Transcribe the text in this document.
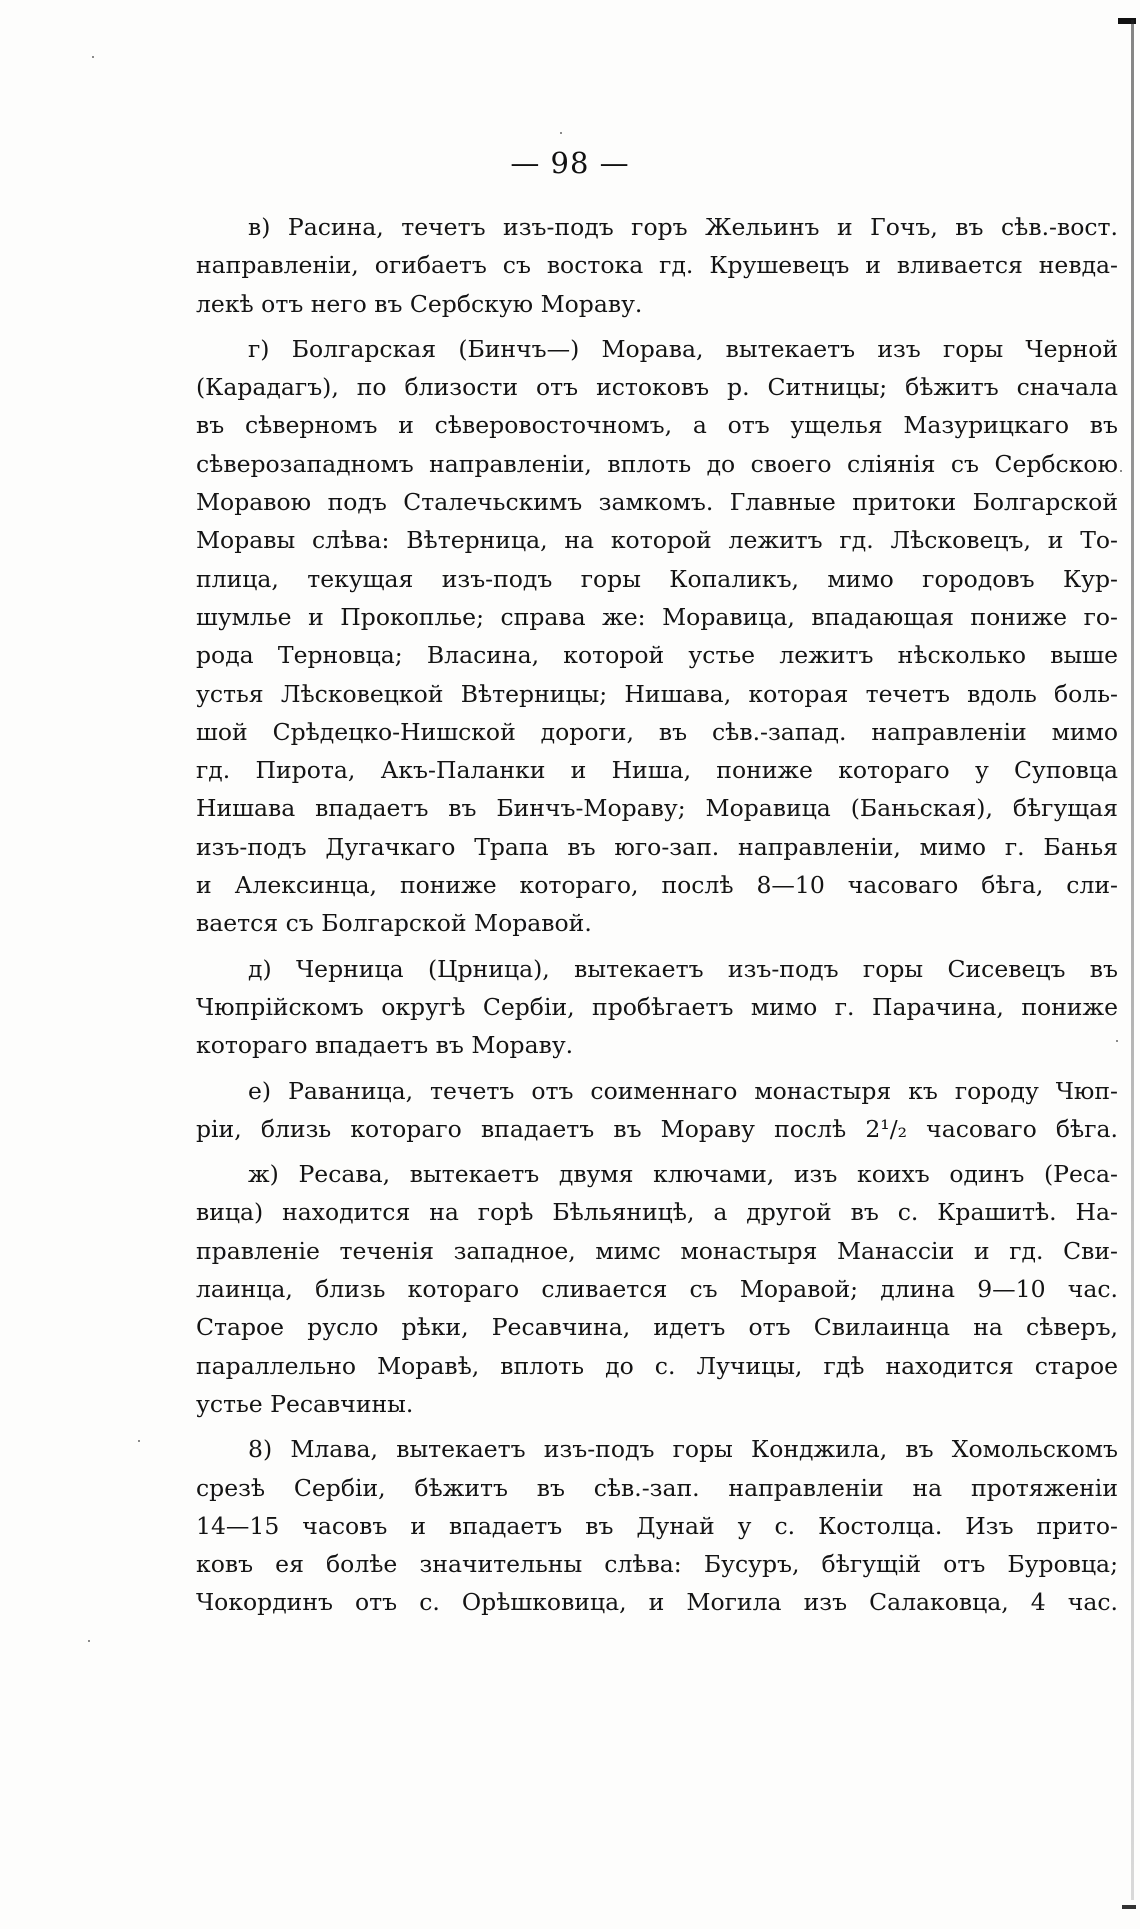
— 98 —
в) Расина, течетъ изъ-подъ горъ Жельинъ и Гочъ, въ сѣв.-вост.
направленіи, огибаетъ съ востока гд. Крушевецъ и вливается невда-
лекѣ отъ него въ Сербскую Мораву.
г) Болгарская (Бинчъ—) Морава, вытекаетъ изъ горы Черной
(Карадагъ), по близости отъ истоковъ р. Ситницы; бѣжитъ сначала
въ сѣверномъ и сѣверовосточномъ, а отъ ущелья Мазурицкаго въ
сѣверозападномъ направленіи, вплоть до своего сліянія съ Сербскою
Моравою подъ Сталечьскимъ замкомъ. Главные притоки Болгарской
Моравы слѣва: Вѣтерница, на которой лежитъ гд. Лѣсковецъ, и То-
плица, текущая изъ-подъ горы Копаликъ, мимо городовъ Кур-
шумлье и Прокоплье; справа же: Моравица, впадающая пониже го-
рода Терновца; Власина, которой устье лежитъ нѣсколько выше
устья Лѣсковецкой Вѣтерницы; Нишава, которая течетъ вдоль боль-
шой Срѣдецко-Нишской дороги, въ сѣв.-запад. направленіи мимо
гд. Пирота, Акъ-Паланки и Ниша, пониже котораго у Суповца
Нишава впадаетъ въ Бинчъ-Мораву; Моравица (Баньская), бѣгущая
изъ-подъ Дугачкаго Трапа въ юго-зап. направленіи, мимо г. Банья
и Алексинца, пониже котораго, послѣ 8—10 часоваго бѣга, сли-
вается съ Болгарской Моравой.
д) Черница (Црница), вытекаетъ изъ-подъ горы Сисевецъ въ
Чюпрійскомъ округѣ Сербіи, пробѣгаетъ мимо г. Парачина, пониже
котораго впадаетъ въ Мораву.
е) Раваница, течетъ отъ соименнаго монастыря къ городу Чюп-
ріи, близь котораго впадаетъ въ Мораву послѣ 2¹/₂ часоваго бѣга.
ж) Ресава, вытекаетъ двумя ключами, изъ коихъ одинъ (Реса-
вица) находится на горѣ Бѣльяницѣ, а другой въ с. Крашитѣ. На-
правленіе теченія западное, мимс монастыря Манассіи и гд. Сви-
лаинца, близь котораго сливается съ Моравой; длина 9—10 час.
Старое русло рѣки, Ресавчина, идетъ отъ Свилаинца на сѣверъ,
параллельно Моравѣ, вплоть до с. Лучицы, гдѣ находится старое
устье Ресавчины.
8) Млава, вытекаетъ изъ-подъ горы Конджила, въ Хомольскомъ
срезѣ Сербіи, бѣжитъ въ сѣв.-зап. направленіи на протяженіи
14—15 часовъ и впадаетъ въ Дунай у с. Костолца. Изъ прито-
ковъ ея болѣе значительны слѣва: Бусуръ, бѣгущій отъ Буровца;
Чокординъ отъ с. Орѣшковица, и Могила изъ Салаковца, 4 час.
